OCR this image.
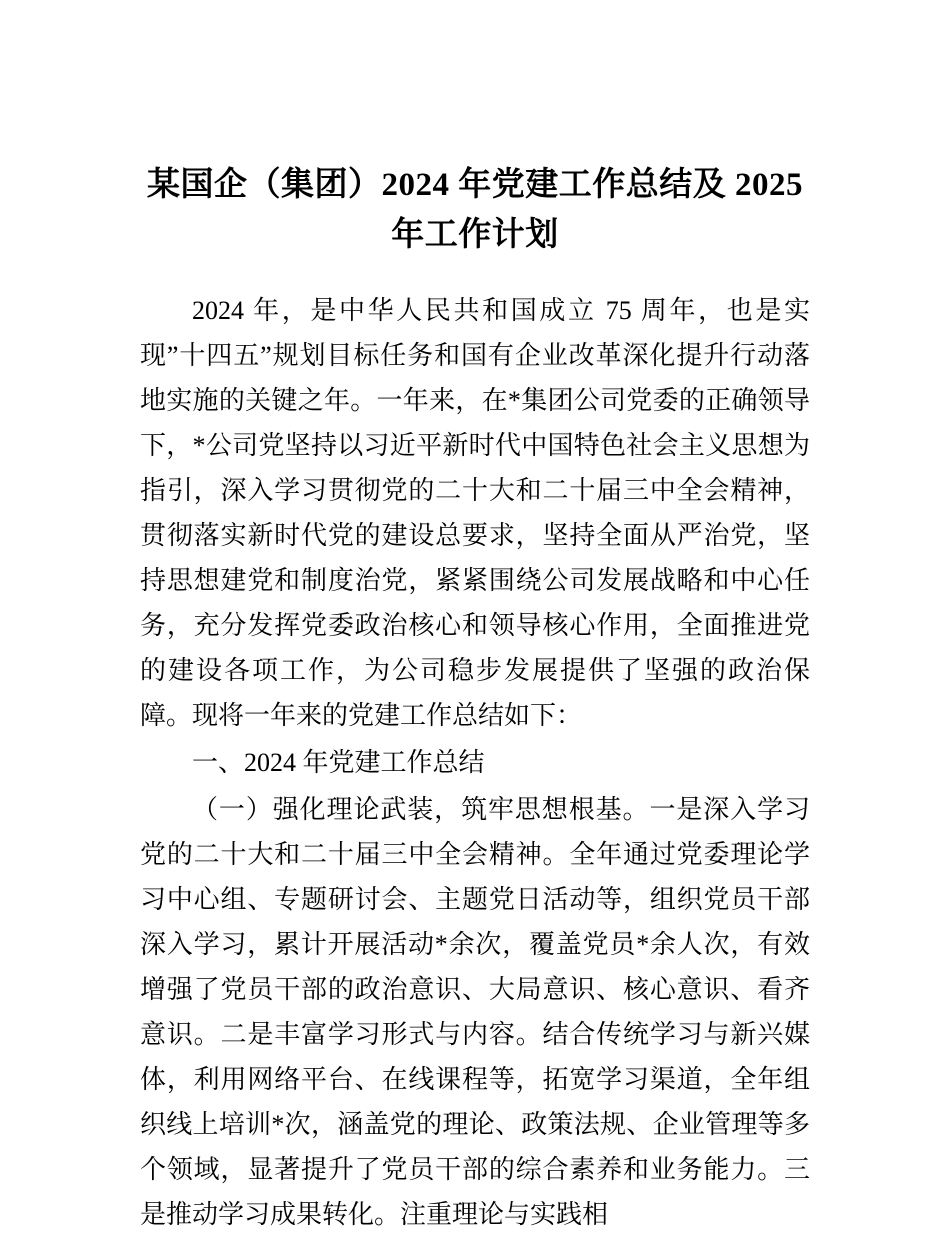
某国企（集团）2024 年党建工作总结及 2025 年工作计划

2024 年，是中华人民共和国成立 75 周年，也是实现”十四五”规划目标任务和国有企业改革深化提升行动落地实施的关键之年。一年来，在*集团公司党委的正确领导下，*公司党坚持以习近平新时代中国特色社会主义思想为指引，深入学习贯彻党的二十大和二十届三中全会精神，贯彻落实新时代党的建设总要求，坚持全面从严治党，坚持思想建党和制度治党，紧紧围绕公司发展战略和中心任务，充分发挥党委政治核心和领导核心作用，全面推进党的建设各项工作，为公司稳步发展提供了坚强的政治保障。现将一年来的党建工作总结如下：

一、2024 年党建工作总结

（一）强化理论武装，筑牢思想根基。一是深入学习党的二十大和二十届三中全会精神。全年通过党委理论学习中心组、专题研讨会、主题党日活动等，组织党员干部深入学习，累计开展活动*余次，覆盖党员*余人次，有效增强了党员干部的政治意识、大局意识、核心意识、看齐意识。二是丰富学习形式与内容。结合传统学习与新兴媒体，利用网络平台、在线课程等，拓宽学习渠道，全年组织线上培训*次，涵盖党的理论、政策法规、企业管理等多个领域，显著提升了党员干部的综合素养和业务能力。三是推动学习成果转化。注重理论与实践相
